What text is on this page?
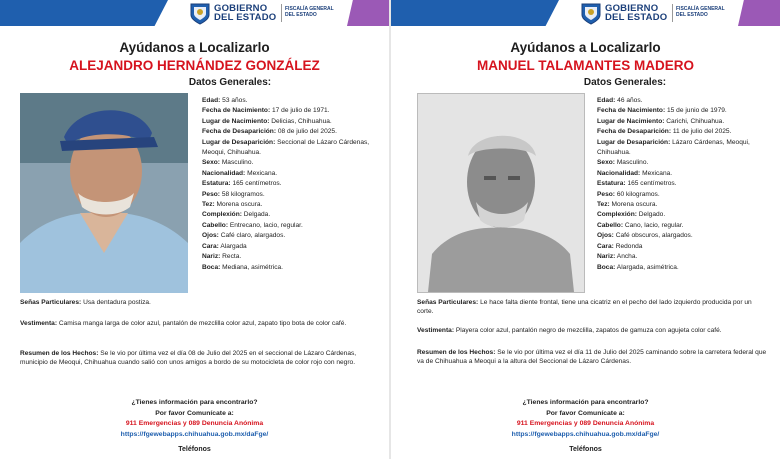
GOBIERNO
DEL ESTADO
FISCALÍA GENERAL
DEL ESTADO
Ayúdanos a Localizarlo
ALEJANDRO HERNÁNDEZ GONZÁLEZ
Datos Generales:
Edad: 53 años.
Fecha de Nacimiento: 17 de julio de 1971.
Lugar de Nacimiento: Delicias, Chihuahua.
Fecha de Desaparición: 08 de julio del 2025.
Lugar de Desaparición: Seccional de Lázaro Cárdenas, Meoqui, Chihuahua.
Sexo: Masculino.
Nacionalidad: Mexicana.
Estatura: 165 centímetros.
Peso: 58 kilogramos.
Tez: Morena oscura.
Complexión: Delgada.
Cabello: Entrecano, lacio, regular.
Ojos: Café claro, alargados.
Cara: Alargada
Nariz: Recta.
Boca: Mediana, asimétrica.
Señas Particulares: Usa dentadura postiza.
Vestimenta: Camisa manga larga de color azul, pantalón de mezclilla color azul, zapato tipo bota de color café.
Resumen de los Hechos: Se le vio por última vez el día 08 de Julio del 2025 en el seccional de Lázaro Cárdenas, municipio de Meoqui, Chihuahua cuando salió con unos amigos a bordo de su motocicleta de color rojo con negro.
¿Tienes información para encontrarlo?
Por favor Comunícate a:
911 Emergencias y 089 Denuncia Anónima
https://fgewebapps.chihuahua.gob.mx/daFge/
Teléfonos
GOBIERNO
DEL ESTADO
FISCALÍA GENERAL
DEL ESTADO
Ayúdanos a Localizarlo
MANUEL TALAMANTES MADERO
Datos Generales:
Edad: 46 años.
Fecha de Nacimiento: 15 de junio de 1979.
Lugar de Nacimiento: Carichi, Chihuahua.
Fecha de Desaparición: 11 de julio del 2025.
Lugar de Desaparición: Lázaro Cárdenas, Meoqui, Chihuahua.
Sexo: Masculino.
Nacionalidad: Mexicana.
Estatura: 165 centímetros.
Peso: 60 kilogramos.
Tez: Morena oscura.
Complexión: Delgado.
Cabello: Cano, lacio, regular.
Ojos: Café obscuros, alargados.
Cara: Redonda
Nariz: Ancha.
Boca: Alargada, asimétrica.
Señas Particulares: Le hace falta diente frontal, tiene una cicatriz en el pecho del lado izquierdo producida por un corte.
Vestimenta: Playera color azul, pantalón negro de mezclilla, zapatos de gamuza con agujeta color café.
Resumen de los Hechos: Se le vio por última vez el día 11 de Julio del 2025 caminando sobre la carretera federal que va de Chihuahua a Meoqui a la altura del Seccional de Lázaro Cárdenas.
¿Tienes información para encontrarlo?
Por favor Comunícate a:
911 Emergencias y 089 Denuncia Anónima
https://fgewebapps.chihuahua.gob.mx/daFge/
Teléfonos
